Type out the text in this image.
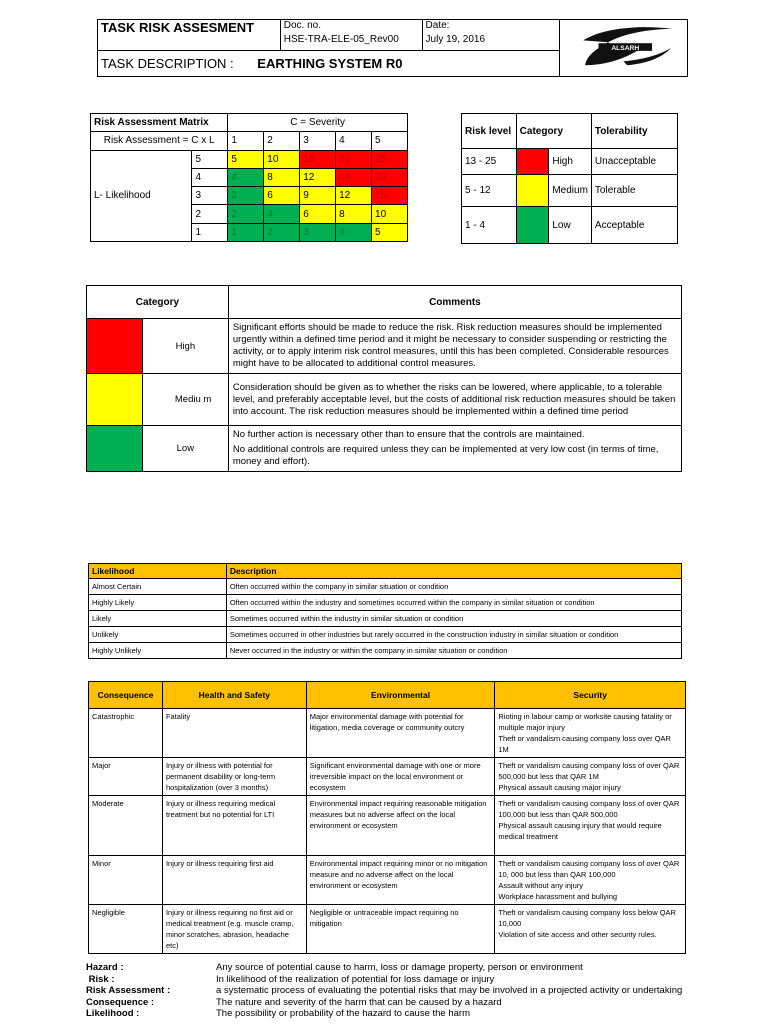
TASK RISK ASSESMENT	Doc. no.
HSE-TRA-ELE-05_Rev00

Date:
July 19, 2016

ALSARH

TASK DESCRIPTION : EARTHING SYSTEM R0
Risk Assessment Matrix		C = Severity				
Risk Assessment = C x L		1	2	3	4	5
L- Likelihood	5	5	10	15	20	25
	4	4	8	12	16	20
	3	3	6	9	12	15
	2	2	4	6	8	10
	1	1	2	3	4	5
Risk level	Category		Tolerability
13 - 25		High	Unacceptable
5 - 12		Medium	Tolerable
1 - 4		Low	Acceptable
Category		Comments
	High	Significant efforts should be made to reduce the risk. Risk reduction measures should be implemented urgently within a defined time period and it might be necessary to consider suspending or restricting the activity, or to apply interim risk control measures, until this has been completed. Considerable resources might have to be allocated to additional control measures.
	Mediu m	Consideration should be given as to whether the risks can be lowered, where applicable, to a tolerable level, and preferably acceptable level, but the costs of additional risk reduction measures should be taken into account. The risk reduction measures should be implemented within a defined time period
	Low	No further action is necessary other than to ensure that the controls are maintained.
No additional controls are required unless they can be implemented at very low cost (in terms of time, money and effort).
Likelihood	Description
Almost Certain	Often occurred within the company in similar situation or condition
Highly Likely	Often occurred within the industry and sometimes occurred within the company in similar situation or condition
Likely	Sometimes occurred within the industry in similar situation or condition
Unlikely	Sometimes occurred in other industries but rarely occurred in the construction industry in similar situation or condition
Highly Unlikely	Never occurred in the industry or within the company in similar situation or condition
Consequence	Health and Safety	Environmental	Security
Catastrophic	Fatality	Major environmental damage with potential for litigation, media coverage or community outcry	Rioting in labour camp or worksite causing fatality or multiple major injury
Theft or vandalism causing company loss over QAR 1M

Major	Injury or illness with potential for permanent disability or long-term hospitalization (over 3 months)	Significant environmental damage with one or more irreversible impact on the local environment or ecosystem	Theft or vandalism causing company loss of over QAR 500,000 but less that QAR 1M
Physical assault causing major injury

Moderate	Injury or illness requiring medical treatment but no potential for LTI	Environmental impact requiring reasonable mitigation measures but no adverse affect on the local environment or ecosystem	Theft or vandalism causing company loss of over QAR 100,000 but less than QAR 500,000
Physical assault causing injury that would require medical treatment

Minor	Injury or illness requiring first aid	Environmental impact requiring minor or no mitigation measure and no adverse affect on the local environment or ecosystem	Theft or vandalism causing company loss of over QAR 10, 000 but less than QAR 100,000
Assault without any injury
Workplace harassment and bullying

Negligible	Injury or illness requiring no first aid or medical treatment (e.g. muscle cramp, minor scratches, abrasion, headache etc)	Negligible or untraceable impact requiring no mitigation	Theft or vandalism causing company loss below QAR 10,000
Violation of site access and other security rules.
Hazard :	Any source of potential cause to harm, loss or damage property, person or environment
Risk :	In likelihood of the realization of potential for loss damage or injury
Risk Assessment :	a systematic process of evaluating the potential risks that may be involved in a projected activity or undertaking
Consequence :	The nature and severity of the harm that can be caused by a hazard
Likelihood :	The possibility or probability of the hazard to cause the harm
